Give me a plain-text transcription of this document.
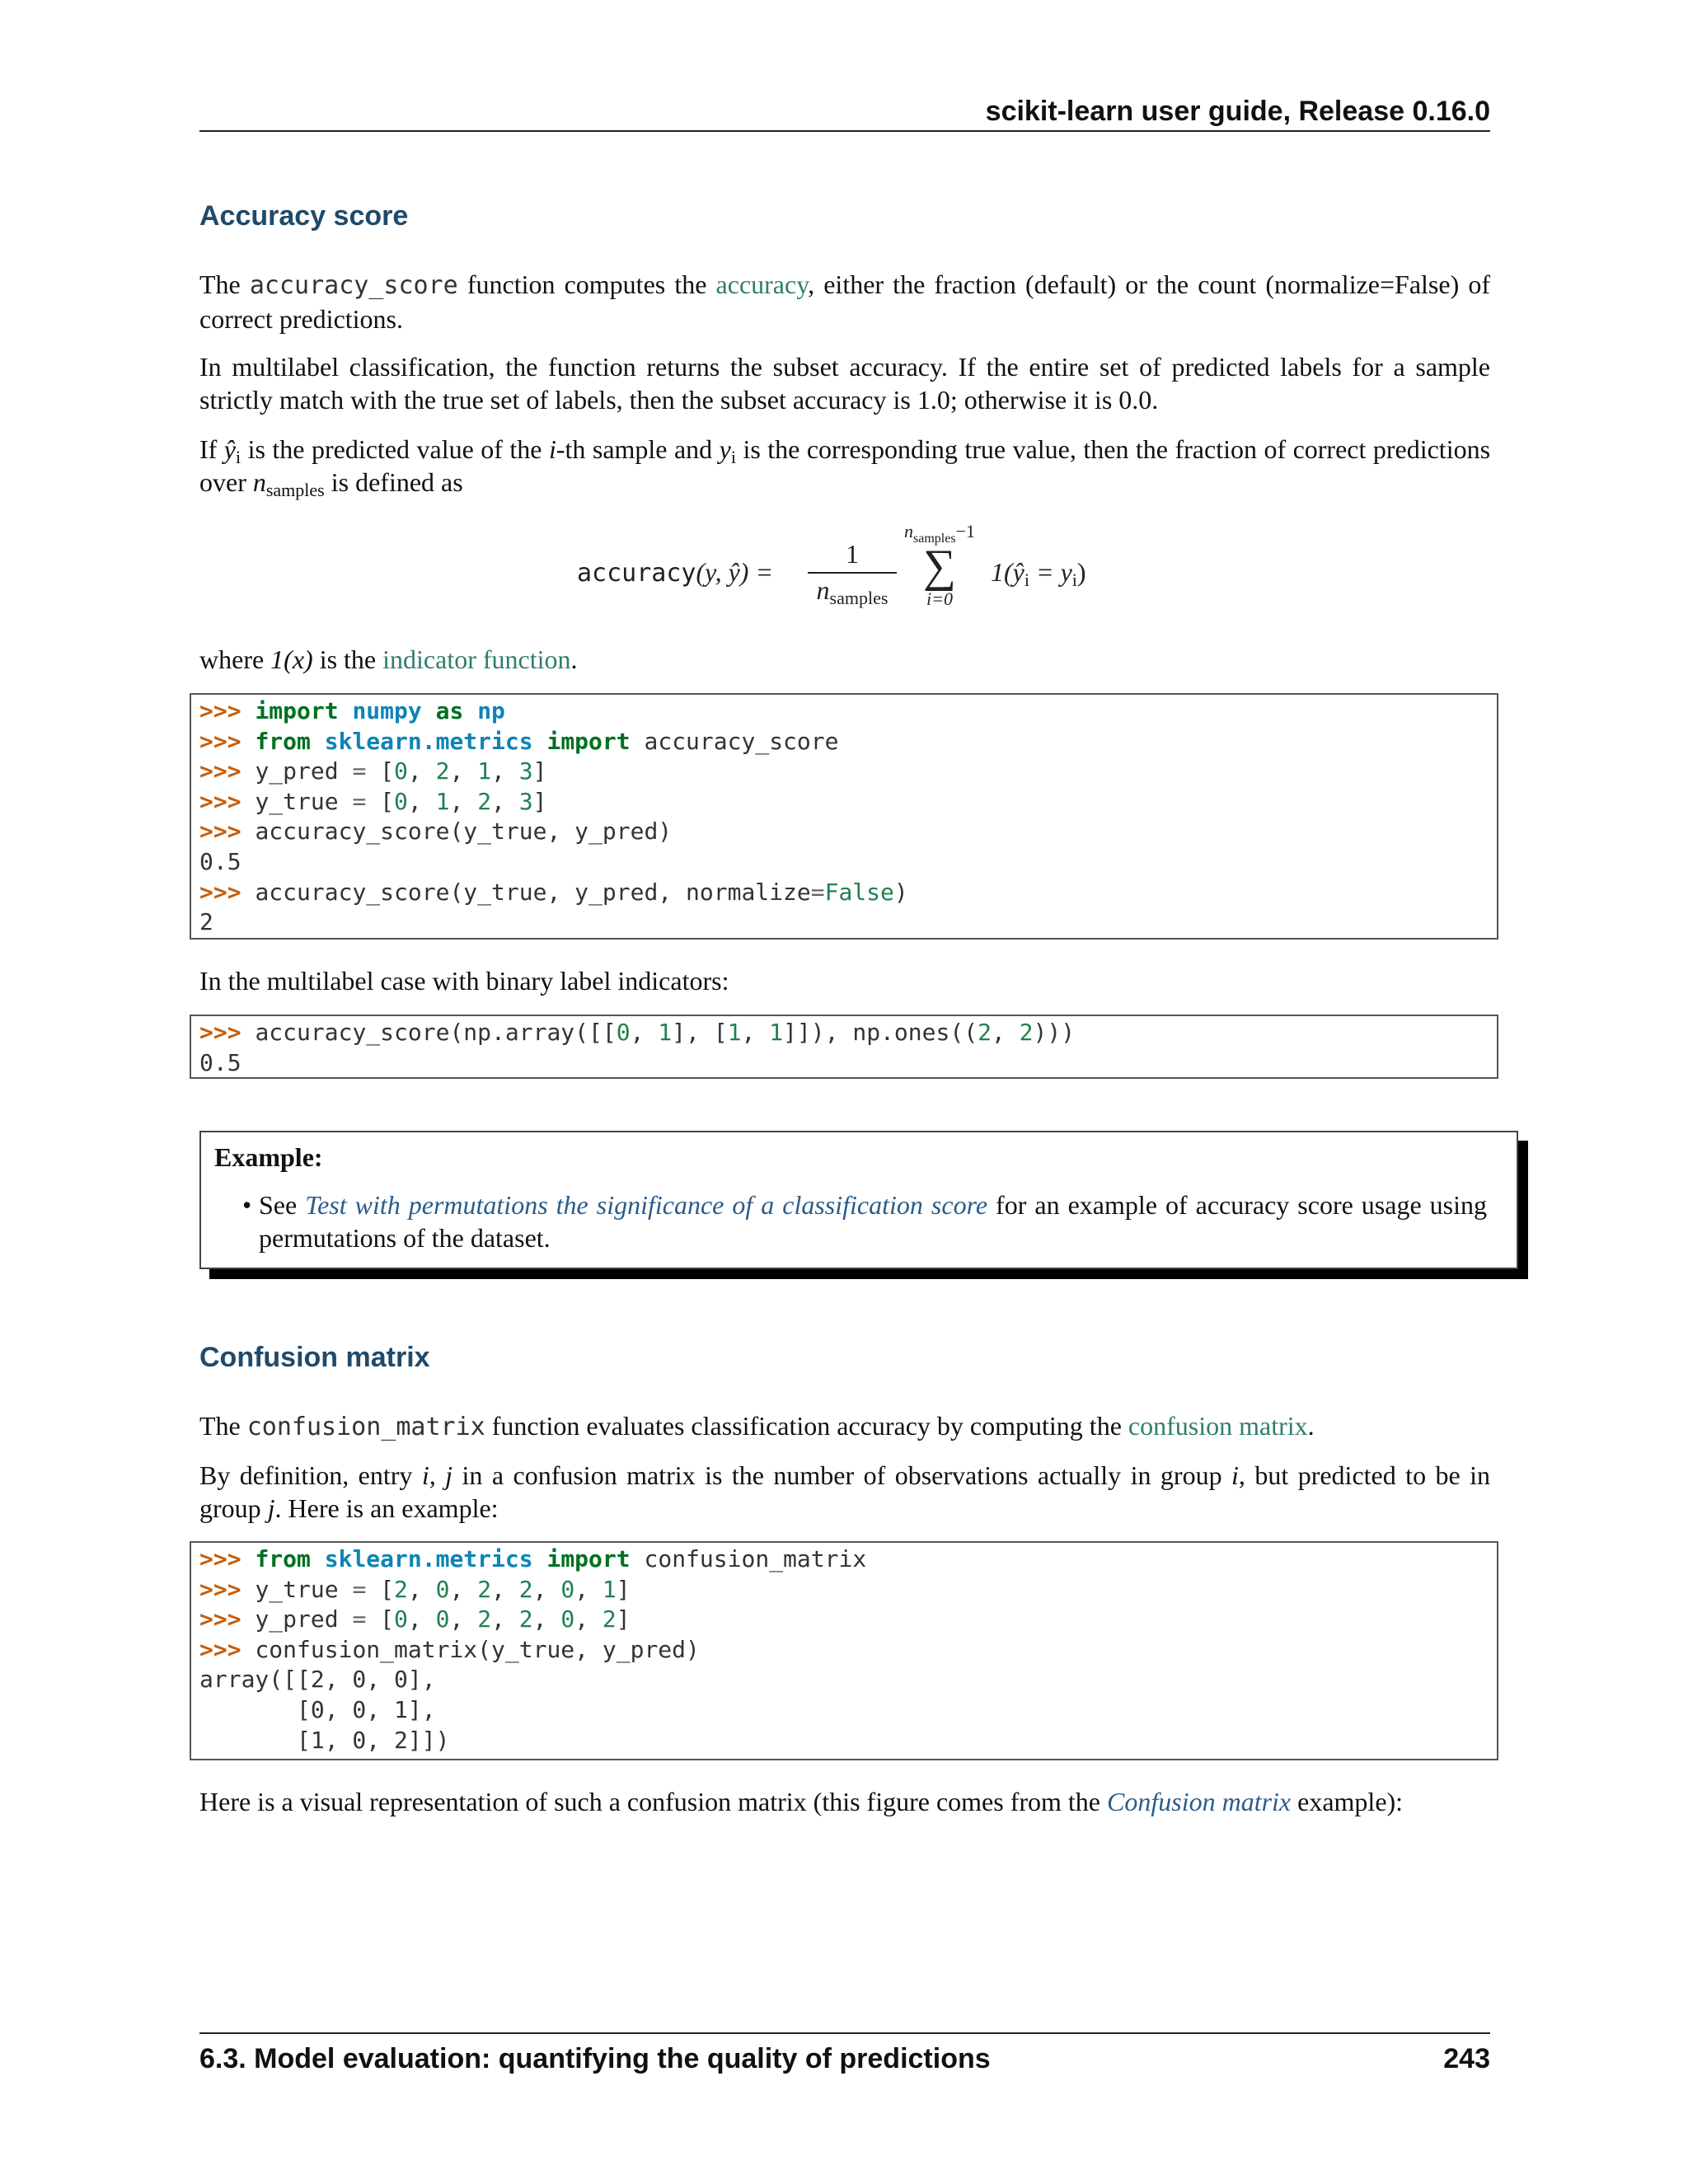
scikit-learn user guide, Release 0.16.0
Accuracy score
The accuracy_score function computes the accuracy, either the fraction (default) or the count (normalize=False) of correct predictions.
In multilabel classification, the function returns the subset accuracy. If the entire set of predicted labels for a sample strictly match with the true set of labels, then the subset accuracy is 1.0; otherwise it is 0.0.
If $ŷ_i$ is the predicted value of the i-th sample and $y_i$ is the corresponding true value, then the fraction of correct predictions over $n_{samples}$ is defined as
accuracy(y, ŷ) =
1
$n_{samples}$
$n_{samples}-1$
∑
i=0
$1(ŷ_i = y_i)$
where 1(x) is the indicator function.
>>> import numpy as np
>>> from sklearn.metrics import accuracy_score
>>> y_pred = [0, 2, 1, 3]
>>> y_true = [0, 1, 2, 3]
>>> accuracy_score(y_true, y_pred)
0.5
>>> accuracy_score(y_true, y_pred, normalize=False)
2
In the multilabel case with binary label indicators:
>>> accuracy_score(np.array([[0, 1], [1, 1]]), np.ones((2, 2)))
0.5
Example:
• See Test with permutations the significance of a classification score for an example of accuracy score usage using permutations of the dataset.
Confusion matrix
The confusion_matrix function evaluates classification accuracy by computing the confusion matrix.
By definition, entry i, j in a confusion matrix is the number of observations actually in group i, but predicted to be in group j. Here is an example:
>>> from sklearn.metrics import confusion_matrix
>>> y_true = [2, 0, 2, 2, 0, 1]
>>> y_pred = [0, 0, 2, 2, 0, 2]
>>> confusion_matrix(y_true, y_pred)
array([[2, 0, 0],
[0, 0, 1],
[1, 0, 2]])
Here is a visual representation of such a confusion matrix (this figure comes from the Confusion matrix example):
6.3. Model evaluation: quantifying the quality of predictions	243
